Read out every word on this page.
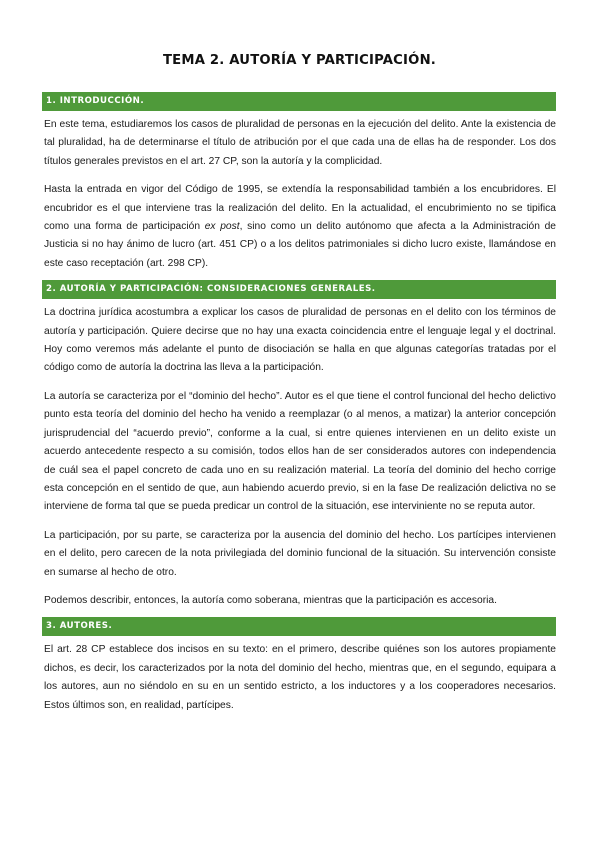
TEMA 2. AUTORÍA Y PARTICIPACIÓN.
1. INTRODUCCIÓN.

En este tema, estudiaremos los casos de pluralidad de personas en la ejecución del delito. Ante la existencia de tal pluralidad, ha de determinarse el título de atribución por el que cada una de ellas ha de responder. Los dos títulos generales previstos en el art. 27 CP, son la autoría y la complicidad.

Hasta la entrada en vigor del Código de 1995, se extendía la responsabilidad también a los encubridores. El encubridor es el que interviene tras la realización del delito. En la actualidad, el encubrimiento no se tipifica como una forma de participación ex post, sino como un delito autónomo que afecta a la Administración de Justicia si no hay ánimo de lucro (art. 451 CP) o a los delitos patrimoniales si dicho lucro existe, llamándose en este caso receptación (art. 298 CP).

2. AUTORÍA Y PARTICIPACIÓN: CONSIDERACIONES GENERALES.

La doctrina jurídica acostumbra a explicar los casos de pluralidad de personas en el delito con los términos de autoría y participación. Quiere decirse que no hay una exacta coincidencia entre el lenguaje legal y el doctrinal. Hoy como veremos más adelante el punto de disociación se halla en que algunas categorías tratadas por el código como de autoría la doctrina las lleva a la participación.

La autoría se caracteriza por el “dominio del hecho”. Autor es el que tiene el control funcional del hecho delictivo punto esta teoría del dominio del hecho ha venido a reemplazar (o al menos, a matizar) la anterior concepción jurisprudencial del “acuerdo previo”, conforme a la cual, si entre quienes intervienen en un delito existe un acuerdo antecedente respecto a su comisión, todos ellos han de ser considerados autores con independencia de cuál sea el papel concreto de cada uno en su realización material. La teoría del dominio del hecho corrige esta concepción en el sentido de que, aun habiendo acuerdo previo, si en la fase De realización delictiva no se interviene de forma tal que se pueda predicar un control de la situación, ese interviniente no se reputa autor.

La participación, por su parte, se caracteriza por la ausencia del dominio del hecho. Los partícipes intervienen en el delito, pero carecen de la nota privilegiada del dominio funcional de la situación. Su intervención consiste en sumarse al hecho de otro.

Podemos describir, entonces, la autoría como soberana, mientras que la participación es accesoria.

3. AUTORES.

El art. 28 CP establece dos incisos en su texto: en el primero, describe quiénes son los autores propiamente dichos, es decir, los caracterizados por la nota del dominio del hecho, mientras que, en el segundo, equipara a los autores, aun no siéndolo en su en un sentido estricto, a los inductores y a los cooperadores necesarios. Estos últimos son, en realidad, partícipes.
